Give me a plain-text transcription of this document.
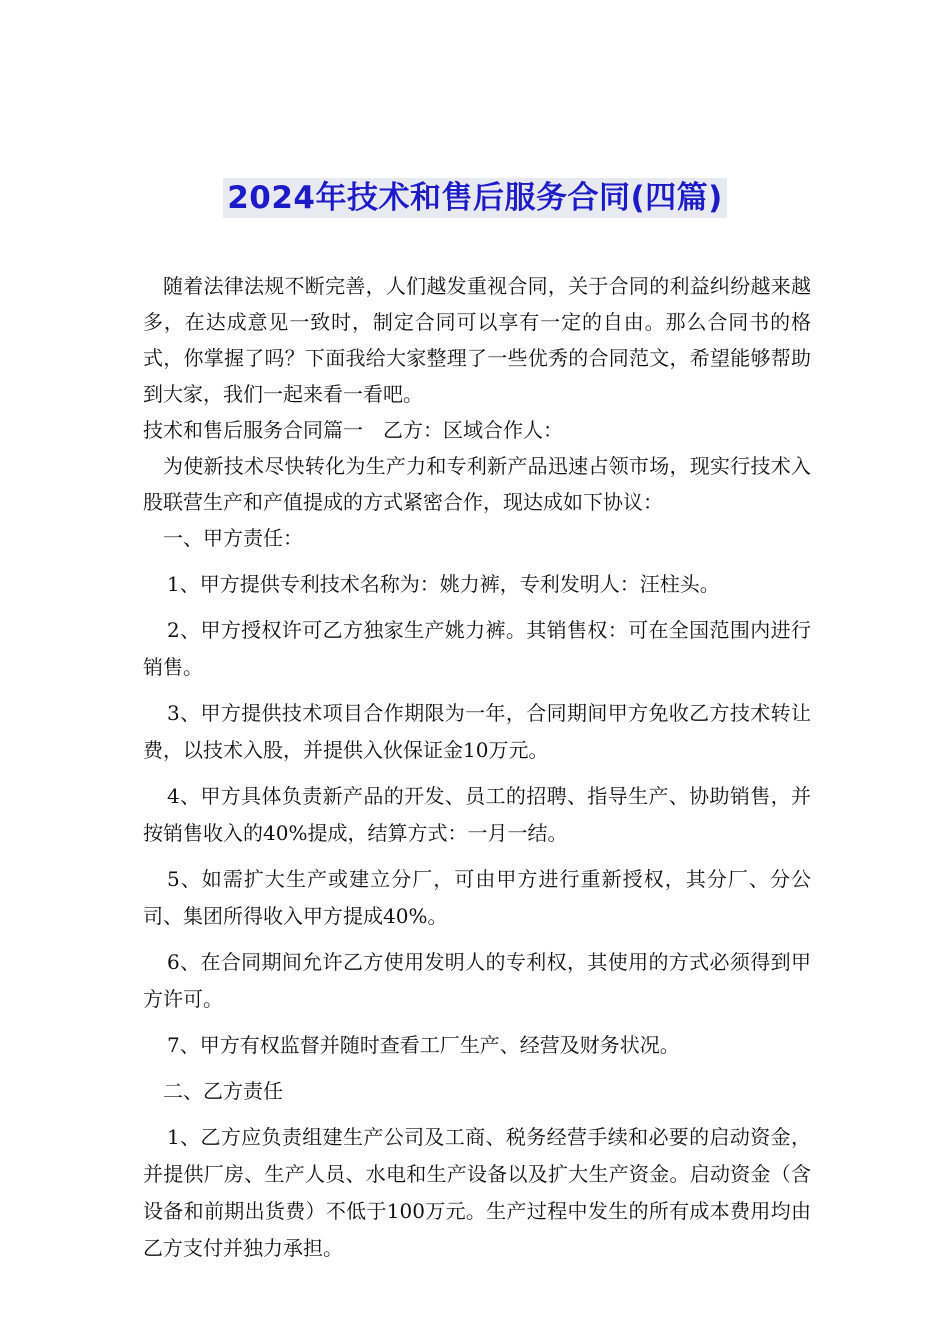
2024年技术和售后服务合同(四篇)

随着法律法规不断完善，人们越发重视合同，关于合同的利益纠纷越来越多，在达成意见一致时，制定合同可以享有一定的自由。那么合同书的格式，你掌握了吗？下面我给大家整理了一些优秀的合同范文，希望能够帮助到大家，我们一起来看一看吧。

技术和售后服务合同篇一　乙方：区域合作人：

为使新技术尽快转化为生产力和专利新产品迅速占领市场，现实行技术入股联营生产和产值提成的方式紧密合作，现达成如下协议：

一、甲方责任：

1、甲方提供专利技术名称为：姚力裤，专利发明人：汪柱头。

2、甲方授权许可乙方独家生产姚力裤。其销售权：可在全国范围内进行销售。

3、甲方提供技术项目合作期限为一年，合同期间甲方免收乙方技术转让费，以技术入股，并提供入伙保证金10万元。

4、甲方具体负责新产品的开发、员工的招聘、指导生产、协助销售，并按销售收入的40%提成，结算方式：一月一结。

5、如需扩大生产或建立分厂，可由甲方进行重新授权，其分厂、分公司、集团所得收入甲方提成40%。

6、在合同期间允许乙方使用发明人的专利权，其使用的方式必须得到甲方许可。

7、甲方有权监督并随时查看工厂生产、经营及财务状况。

二、乙方责任

1、乙方应负责组建生产公司及工商、税务经营手续和必要的启动资金，并提供厂房、生产人员、水电和生产设备以及扩大生产资金。启动资金（含设备和前期出货费）不低于100万元。生产过程中发生的所有成本费用均由乙方支付并独力承担。
